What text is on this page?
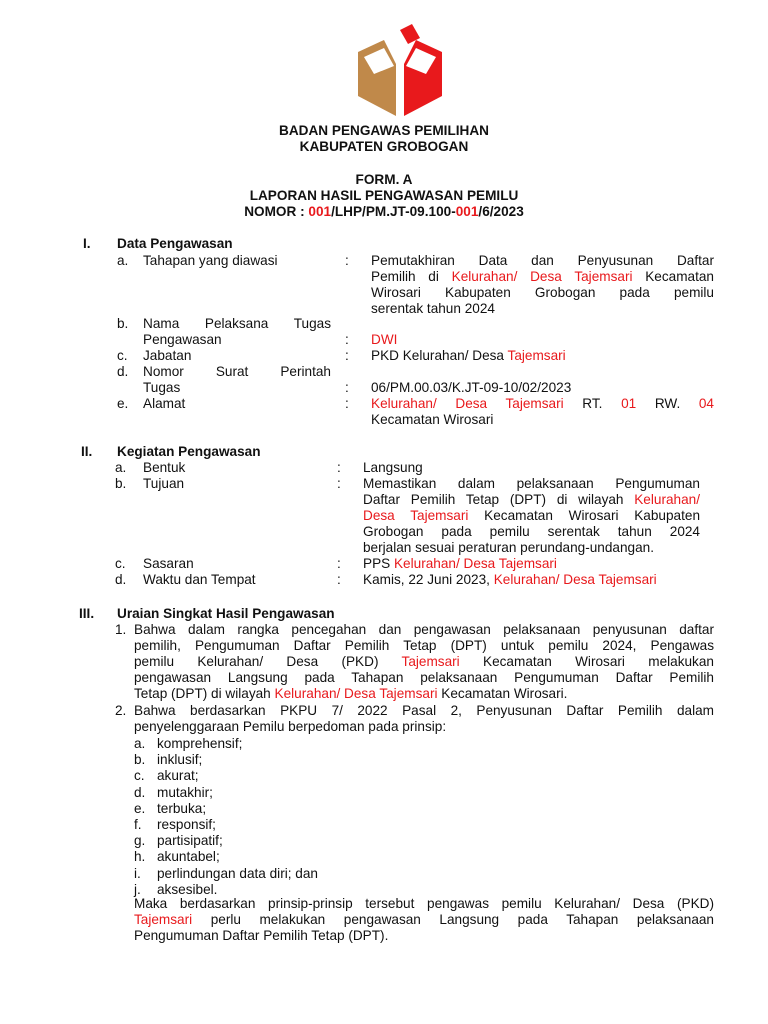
BADAN PENGAWAS PEMILIHAN
KABUPATEN GROBOGAN
FORM. A
LAPORAN HASIL PENGAWASAN PEMILU
NOMOR : 001/LHP/PM.JT-09.100-001/6/2023
I. Data Pengawasan
a. Tahapan yang diawasi	: Pemutakhiran Data dan Penyusunan Daftar
Pemilih di Kelurahan/ Desa Tajemsari Kecamatan
Wirosari Kabupaten Grobogan pada pemilu
serentak tahun 2024
b. Nama Pelaksana Tugas
Pengawasan	: DWI
c. Jabatan	: PKD Kelurahan/ Desa Tajemsari
d. Nomor Surat Perintah
Tugas	: 06/PM.00.03/K.JT-09-10/02/2023
e. Alamat	: Kelurahan/ Desa Tajemsari RT. 01 RW. 04
Kecamatan Wirosari
II. Kegiatan Pengawasan
a. Bentuk	: Langsung
b. Tujuan	: Memastikan dalam pelaksanaan Pengumuman
Daftar Pemilih Tetap (DPT) di wilayah Kelurahan/
Desa Tajemsari Kecamatan Wirosari Kabupaten
Grobogan pada pemilu serentak tahun 2024
berjalan sesuai peraturan perundang-undangan.
c. Sasaran	: PPS Kelurahan/ Desa Tajemsari
d. Waktu dan Tempat	: Kamis, 22 Juni 2023, Kelurahan/ Desa Tajemsari
III. Uraian Singkat Hasil Pengawasan
1. Bahwa dalam rangka pencegahan dan pengawasan pelaksanaan penyusunan daftar
pemilih, Pengumuman Daftar Pemilih Tetap (DPT) untuk pemilu 2024, Pengawas
pemilu Kelurahan/ Desa (PKD) Tajemsari Kecamatan Wirosari melakukan
pengawasan Langsung pada Tahapan pelaksanaan Pengumuman Daftar Pemilih
Tetap (DPT) di wilayah Kelurahan/ Desa Tajemsari Kecamatan Wirosari.
2. Bahwa berdasarkan PKPU 7/ 2022 Pasal 2, Penyusunan Daftar Pemilih dalam
penyelenggaraan Pemilu berpedoman pada prinsip:
a. komprehensif;
b. inklusif;
c. akurat;
d. mutakhir;
e. terbuka;
f. responsif;
g. partisipatif;
h. akuntabel;
i. perlindungan data diri; dan
j. aksesibel.
Maka berdasarkan prinsip-prinsip tersebut pengawas pemilu Kelurahan/ Desa (PKD)
Tajemsari perlu melakukan pengawasan Langsung pada Tahapan pelaksanaan
Pengumuman Daftar Pemilih Tetap (DPT).
